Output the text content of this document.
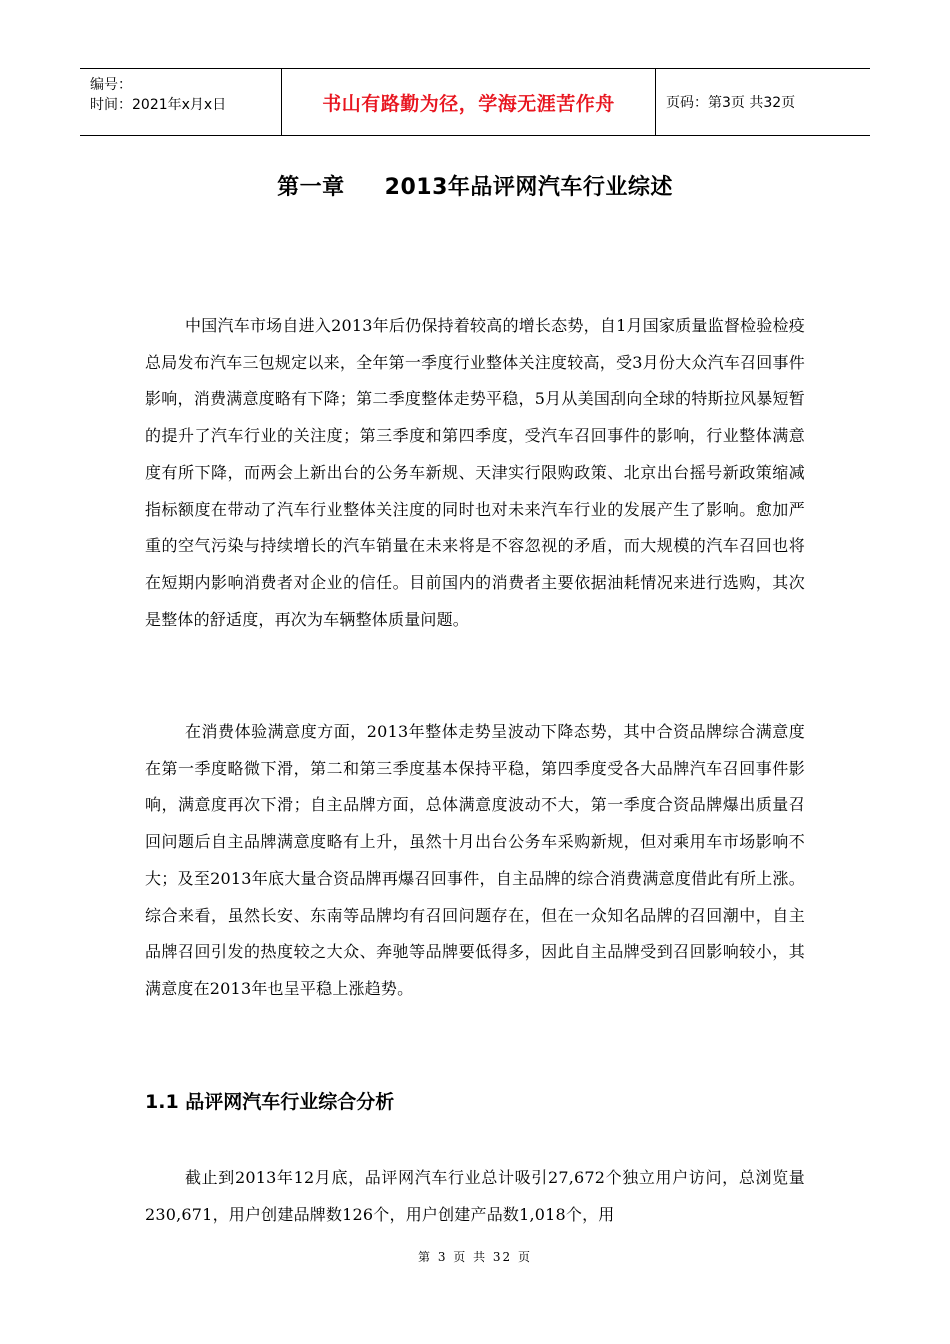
编号：
时间：2021年x月x日	书山有路勤为径，学海无涯苦作舟	页码：第3页 共32页
第一章 2013年品评网汽车行业综述

中国汽车市场自进入2013年后仍保持着较高的增长态势，自1月国家质量监督检验检疫总局发布汽车三包规定以来，全年第一季度行业整体关注度较高，受3月份大众汽车召回事件影响，消费满意度略有下降；第二季度整体走势平稳，5月从美国刮向全球的特斯拉风暴短暂的提升了汽车行业的关注度；第三季度和第四季度，受汽车召回事件的影响，行业整体满意度有所下降，而两会上新出台的公务车新规、天津实行限购政策、北京出台摇号新政策缩减指标额度在带动了汽车行业整体关注度的同时也对未来汽车行业的发展产生了影响。愈加严重的空气污染与持续增长的汽车销量在未来将是不容忽视的矛盾，而大规模的汽车召回也将在短期内影响消费者对企业的信任。目前国内的消费者主要依据油耗情况来进行选购，其次是整体的舒适度，再次为车辆整体质量问题。

在消费体验满意度方面，2013年整体走势呈波动下降态势，其中合资品牌综合满意度在第一季度略微下滑，第二和第三季度基本保持平稳，第四季度受各大品牌汽车召回事件影响，满意度再次下滑；自主品牌方面，总体满意度波动不大，第一季度合资品牌爆出质量召回问题后自主品牌满意度略有上升，虽然十月出台公务车采购新规，但对乘用车市场影响不大；及至2013年底大量合资品牌再爆召回事件，自主品牌的综合消费满意度借此有所上涨。综合来看，虽然长安、东南等品牌均有召回问题存在，但在一众知名品牌的召回潮中，自主品牌召回引发的热度较之大众、奔驰等品牌要低得多，因此自主品牌受到召回影响较小，其满意度在2013年也呈平稳上涨趋势。

1.1 品评网汽车行业综合分析

截止到2013年12月底，品评网汽车行业总计吸引27,672个独立用户访问，总浏览量230,671，用户创建品牌数126个，用户创建产品数1,018个，用

第 3 页 共 32 页
